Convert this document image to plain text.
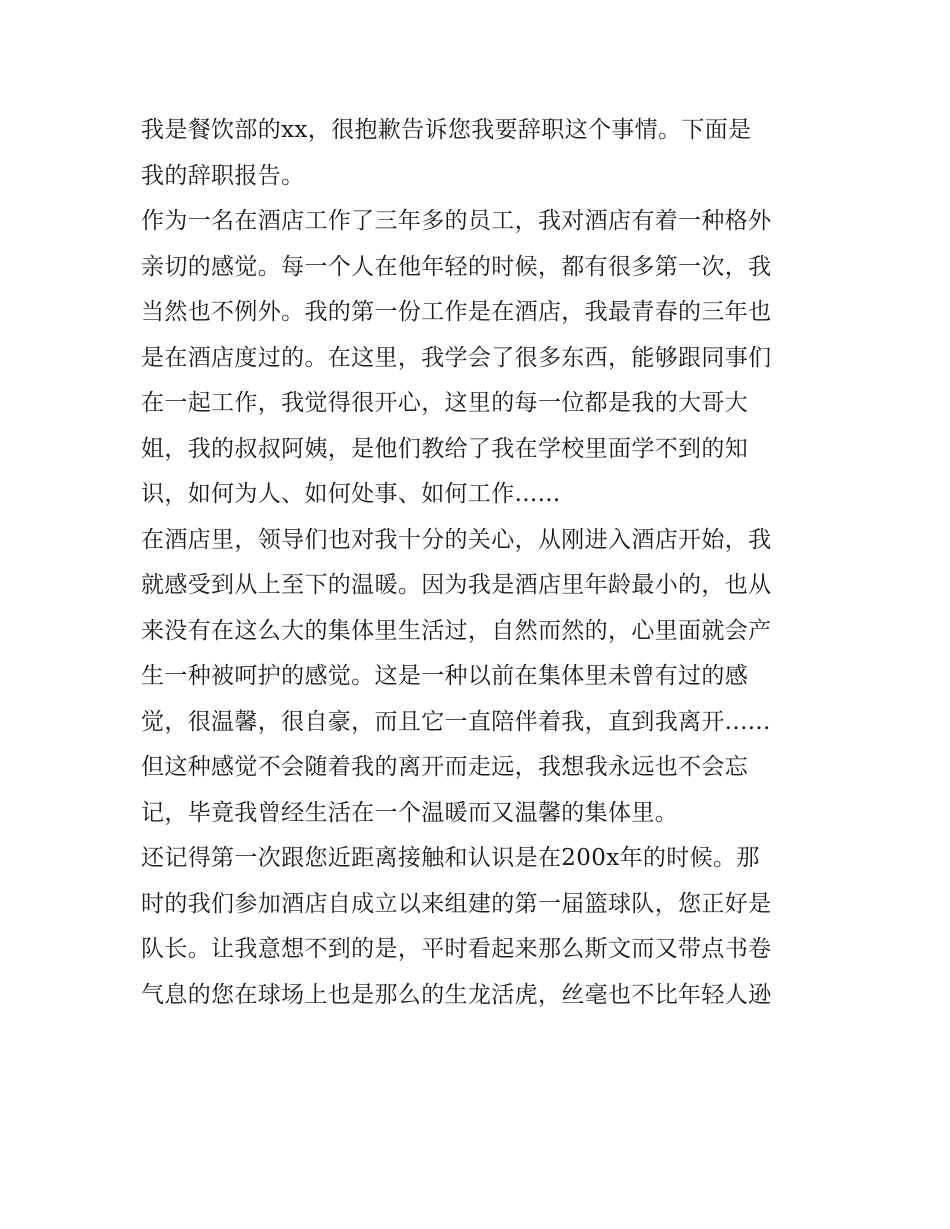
我是餐饮部的xx，很抱歉告诉您我要辞职这个事情。下面是
我的辞职报告。
作为一名在酒店工作了三年多的员工，我对酒店有着一种格外
亲切的感觉。每一个人在他年轻的时候，都有很多第一次，我
当然也不例外。我的第一份工作是在酒店，我最青春的三年也
是在酒店度过的。在这里，我学会了很多东西，能够跟同事们
在一起工作，我觉得很开心，这里的每一位都是我的大哥大
姐，我的叔叔阿姨，是他们教给了我在学校里面学不到的知
识，如何为人、如何处事、如何工作......
在酒店里，领导们也对我十分的关心，从刚进入酒店开始，我
就感受到从上至下的温暖。因为我是酒店里年龄最小的，也从
来没有在这么大的集体里生活过，自然而然的，心里面就会产
生一种被呵护的感觉。这是一种以前在集体里未曾有过的感
觉，很温馨，很自豪，而且它一直陪伴着我，直到我离开......
但这种感觉不会随着我的离开而走远，我想我永远也不会忘
记，毕竟我曾经生活在一个温暖而又温馨的集体里。
还记得第一次跟您近距离接触和认识是在200x年的时候。那
时的我们参加酒店自成立以来组建的第一届篮球队，您正好是
队长。让我意想不到的是，平时看起来那么斯文而又带点书卷
气息的您在球场上也是那么的生龙活虎，丝毫也不比年轻人逊
